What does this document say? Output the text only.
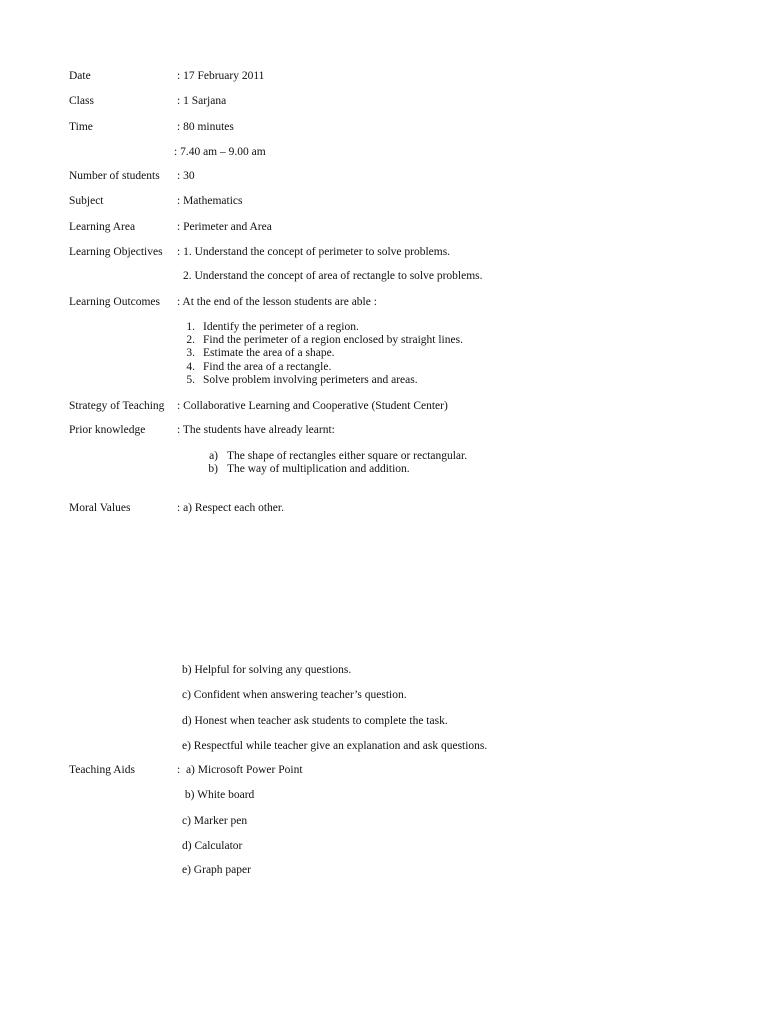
Date	: 17 February 2011
Class	: 1 Sarjana
Time	: 80 minutes
: 7.40 am – 9.00 am
Number of students : 30
Subject	: Mathematics
Learning Area	: Perimeter and Area
Learning Objectives : 1. Understand the concept of perimeter to solve problems.
2. Understand the concept of area of rectangle to solve problems.
Learning Outcomes : At the end of the lesson students are able :
1. Identify the perimeter of a region.
2. Find the perimeter of a region enclosed by straight lines.
3. Estimate the area of a shape.
4. Find the area of a rectangle.
5. Solve problem involving perimeters and areas.
Strategy of Teaching : Collaborative Learning and Cooperative (Student Center)
Prior knowledge	: The students have already learnt:
a) The shape of rectangles either square or rectangular.
b) The way of multiplication and addition.
Moral Values	: a) Respect each other.
b) Helpful for solving any questions.
c) Confident when answering teacher’s question.
d) Honest when teacher ask students to complete the task.
e) Respectful while teacher give an explanation and ask questions.
Teaching Aids	:  a) Microsoft Power Point
b) White board
c) Marker pen
d) Calculator
e) Graph paper
